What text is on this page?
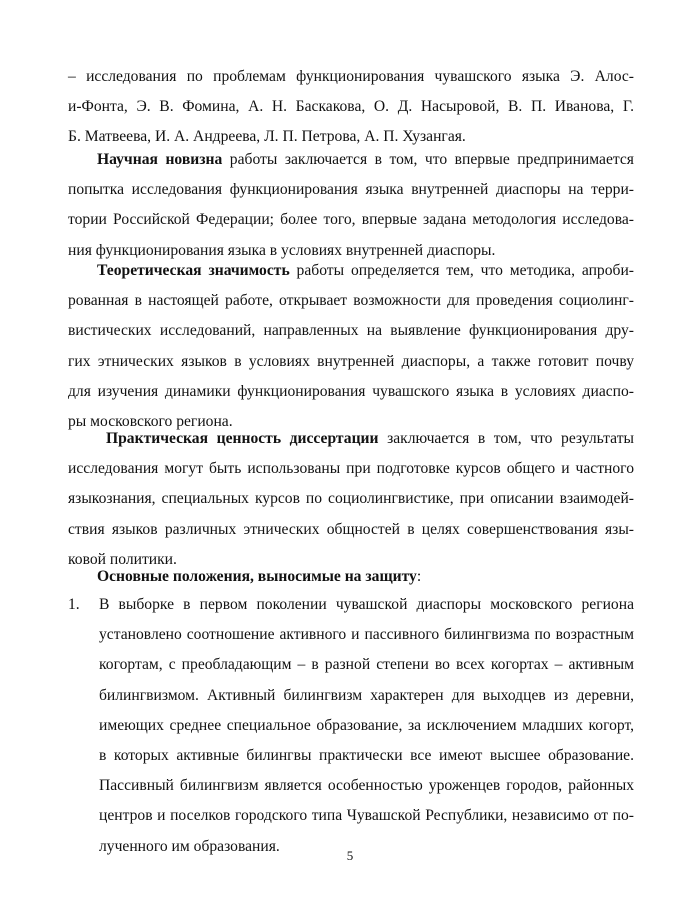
– исследования по проблемам функционирования чувашского языка Э. Алос-
и-Фонта, Э. В. Фомина, А. Н. Баскакова, О. Д. Насыровой, В. П. Иванова, Г.
Б. Матвеева, И. А. Андреева, Л. П. Петрова, А. П. Хузангая.
Научная новизна работы заключается в том, что впервые предпринимается
попытка исследования функционирования языка внутренней диаспоры на терри-
тории Российской Федерации; более того, впервые задана методология исследова-
ния функционирования языка в условиях внутренней диаспоры.
Теоретическая значимость работы определяется тем, что методика, апроби-
рованная в настоящей работе, открывает возможности для проведения социолинг-
вистических исследований, направленных на выявление функционирования дру-
гих этнических языков в условиях внутренней диаспоры, а также готовит почву
для изучения динамики функционирования чувашского языка в условиях диаспо-
ры московского региона.
Практическая ценность диссертации заключается в том, что результаты
исследования могут быть использованы при подготовке курсов общего и частного
языкознания, специальных курсов по социолингвистике, при описании взаимодей-
ствия языков различных этнических общностей в целях совершенствования язы-
ковой политики.
Основные положения, выносимые на защиту:
1.	В выборке в первом поколении чувашской диаспоры московского региона
установлено соотношение активного и пассивного билингвизма по возрастным
когортам, с преобладающим – в разной степени во всех когортах – активным
билингвизмом. Активный билингвизм характерен для выходцев из деревни,
имеющих среднее специальное образование, за исключением младших когорт,
в которых активные билингвы практически все имеют высшее образование.
Пассивный билингвизм является особенностью уроженцев городов, районных
центров и поселков городского типа Чувашской Республики, независимо от по-
лученного им образования.
5
